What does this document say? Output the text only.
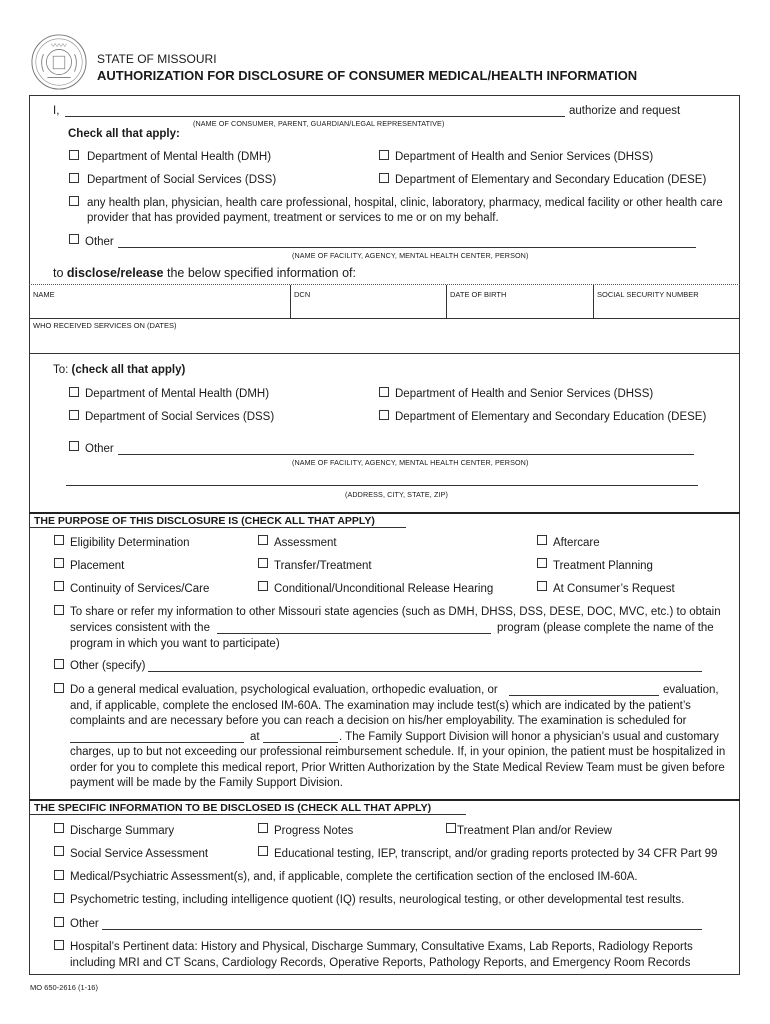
STATE OF MISSOURI
AUTHORIZATION FOR DISCLOSURE OF CONSUMER MEDICAL/HEALTH INFORMATION
I,	authorize and request
(NAME OF CONSUMER, PARENT, GUARDIAN/LEGAL REPRESENTATIVE)
Check all that apply:
Department of Mental Health (DMH)	Department of Health and Senior Services (DHSS)
Department of Social Services (DSS)	Department of Elementary and Secondary Education (DESE)
any health plan, physician, health care professional, hospital, clinic, laboratory, pharmacy, medical facility or other health care
provider that has provided payment, treatment or services to me or on my behalf.
Other
(NAME OF FACILITY, AGENCY, MENTAL HEALTH CENTER, PERSON)
to disclose/release the below specified information of:
NAME	DCN	DATE OF BIRTH	SOCIAL SECURITY NUMBER
WHO RECEIVED SERVICES ON (DATES)
To: (check all that apply)
Department of Mental Health (DMH)	Department of Health and Senior Services (DHSS)
Department of Social Services (DSS)	Department of Elementary and Secondary Education (DESE)
Other
(NAME OF FACILITY, AGENCY, MENTAL HEALTH CENTER, PERSON)
(ADDRESS, CITY, STATE, ZIP)
THE PURPOSE OF THIS DISCLOSURE IS (CHECK ALL THAT APPLY)
Eligibility Determination	Assessment	Aftercare
Placement	Transfer/Treatment	Treatment Planning
Continuity of Services/Care	Conditional/Unconditional Release Hearing	At Consumer’s Request
To share or refer my information to other Missouri state agencies (such as DMH, DHSS, DSS, DESE, DOC, MVC, etc.) to obtain
services consistent with the	program (please complete the name of the
program in which you want to participate)
Other (specify)
Do a general medical evaluation, psychological evaluation, orthopedic evaluation, or	evaluation,
and, if applicable, complete the enclosed IM-60A. The examination may include test(s) which are indicated by the patient’s
complaints and are necessary before you can reach a decision on his/her employability. The examination is scheduled for
at	. The Family Support Division will honor a physician’s usual and customary
charges, up to but not exceeding our professional reimbursement schedule. If, in your opinion, the patient must be hospitalized in
order for you to complete this medical report, Prior Written Authorization by the State Medical Review Team must be given before
payment will be made by the Family Support Division.
THE SPECIFIC INFORMATION TO BE DISCLOSED IS (CHECK ALL THAT APPLY)
Discharge Summary	Progress Notes	Treatment Plan and/or Review
Social Service Assessment	Educational testing, IEP, transcript, and/or grading reports protected by 34 CFR Part 99
Medical/Psychiatric Assessment(s), and, if applicable, complete the certification section of the enclosed IM-60A.
Psychometric testing, including intelligence quotient (IQ) results, neurological testing, or other developmental test results.
Other
Hospital’s Pertinent data: History and Physical, Discharge Summary, Consultative Exams, Lab Reports, Radiology Reports
including MRI and CT Scans, Cardiology Records, Operative Reports, Pathology Reports, and Emergency Room Records
MO 650-2616 (1-16)
